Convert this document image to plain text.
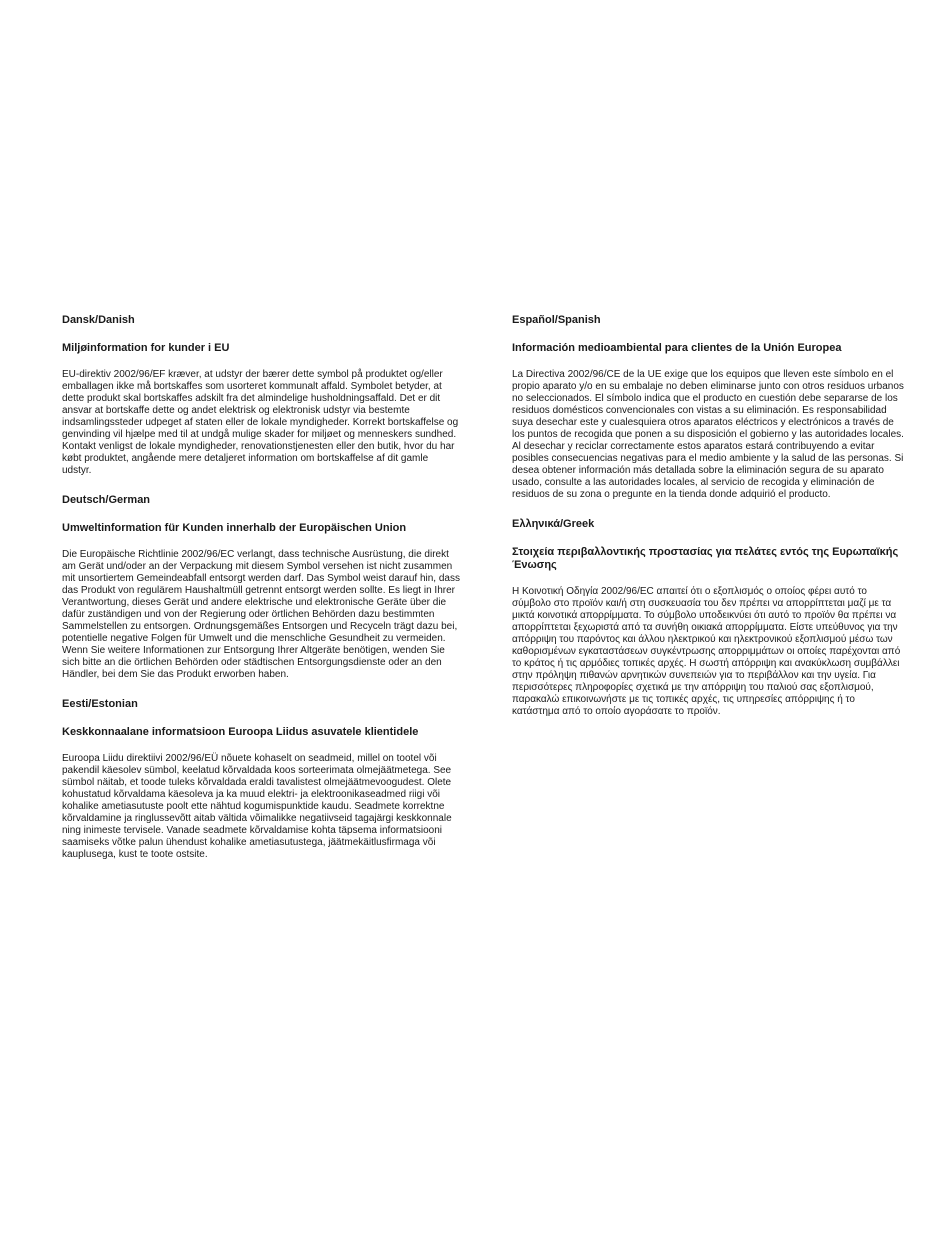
Dansk/Danish

Miljøinformation for kunder i EU

EU-direktiv 2002/96/EF kræver, at udstyr der bærer dette symbol på produktet og/eller emballagen ikke må bortskaffes som usorteret kommunalt affald. Symbolet betyder, at dette produkt skal bortskaffes adskilt fra det almindelige husholdningsaffald. Det er dit ansvar at bortskaffe dette og andet elektrisk og elektronisk udstyr via bestemte indsamlingssteder udpeget af staten eller de lokale myndigheder. Korrekt bortskaffelse og genvinding vil hjælpe med til at undgå mulige skader for miljøet og menneskers sundhed. Kontakt venligst de lokale myndigheder, renovationstjenesten eller den butik, hvor du har købt produktet, angående mere detaljeret information om bortskaffelse af dit gamle udstyr.

Deutsch/German

Umweltinformation für Kunden innerhalb der Europäischen Union

Die Europäische Richtlinie 2002/96/EC verlangt, dass technische Ausrüstung, die direkt am Gerät und/oder an der Verpackung mit diesem Symbol versehen ist nicht zusammen mit unsortiertem Gemeindeabfall entsorgt werden darf. Das Symbol weist darauf hin, dass das Produkt von regulärem Haushaltmüll getrennt entsorgt werden sollte. Es liegt in Ihrer Verantwortung, dieses Gerät und andere elektrische und elektronische Geräte über die dafür zuständigen und von der Regierung oder örtlichen Behörden dazu bestimmten Sammelstellen zu entsorgen. Ordnungsgemäßes Entsorgen und Recyceln trägt dazu bei, potentielle negative Folgen für Umwelt und die menschliche Gesundheit zu vermeiden. Wenn Sie weitere Informationen zur Entsorgung Ihrer Altgeräte benötigen, wenden Sie sich bitte an die örtlichen Behörden oder städtischen Entsorgungsdienste oder an den Händler, bei dem Sie das Produkt erworben haben.

Eesti/Estonian

Keskkonnaalane informatsioon Euroopa Liidus asuvatele klientidele

Euroopa Liidu direktiivi 2002/96/EÜ nõuete kohaselt on seadmeid, millel on tootel või pakendil käesolev sümbol, keelatud kõrvaldada koos sorteerimata olmejäätmetega. See sümbol näitab, et toode tuleks kõrvaldada eraldi tavalistest olmejäätmevoogudest. Olete kohustatud kõrvaldama käesoleva ja ka muud elektri- ja elektroonikaseadmed riigi või kohalike ametiasutuste poolt ette nähtud kogumispunktide kaudu. Seadmete korrektne kõrvaldamine ja ringlussevõtt aitab vältida võimalikke negatiivseid tagajärgi keskkonnale ning inimeste tervisele. Vanade seadmete kõrvaldamise kohta täpsema informatsiooni saamiseks võtke palun ühendust kohalike ametiasutustega, jäätmekäitlusfirmaga või kauplusega, kust te toote ostsite.

Español/Spanish

Información medioambiental para clientes de la Unión Europea

La Directiva 2002/96/CE de la UE exige que los equipos que lleven este símbolo en el propio aparato y/o en su embalaje no deben eliminarse junto con otros residuos urbanos no seleccionados. El símbolo indica que el producto en cuestión debe separarse de los residuos domésticos convencionales con vistas a su eliminación. Es responsabilidad suya desechar este y cualesquiera otros aparatos eléctricos y electrónicos a través de los puntos de recogida que ponen a su disposición el gobierno y las autoridades locales. Al desechar y reciclar correctamente estos aparatos estará contribuyendo a evitar posibles consecuencias negativas para el medio ambiente y la salud de las personas. Si desea obtener información más detallada sobre la eliminación segura de su aparato usado, consulte a las autoridades locales, al servicio de recogida y eliminación de residuos de su zona o pregunte en la tienda donde adquirió el producto.

Ελληνικά/Greek

Στοιχεία περιβαλλοντικής προστασίας για πελάτες εντός της Ευρωπαϊκής Ένωσης

Η Κοινοτική Οδηγία 2002/96/EC απαιτεί ότι ο εξοπλισμός ο οποίος φέρει αυτό το σύμβολο στο προϊόν και/ή στη συσκευασία του δεν πρέπει να απορρίπτεται μαζί με τα μικτά κοινοτικά απορρίμματα. Το σύμβολο υποδεικνύει ότι αυτό το προϊόν θα πρέπει να απορρίπτεται ξεχωριστά από τα συνήθη οικιακά απορρίμματα. Είστε υπεύθυνος για την απόρριψη του παρόντος και άλλου ηλεκτρικού και ηλεκτρονικού εξοπλισμού μέσω των καθορισμένων εγκαταστάσεων συγκέντρωσης απορριμμάτων οι οποίες παρέχονται από το κράτος ή τις αρμόδιες τοπικές αρχές. Η σωστή απόρριψη και ανακύκλωση συμβάλλει στην πρόληψη πιθανών αρνητικών συνεπειών για το περιβάλλον και την υγεία. Για περισσότερες πληροφορίες σχετικά με την απόρριψη του παλιού σας εξοπλισμού, παρακαλώ επικοινωνήστε με τις τοπικές αρχές, τις υπηρεσίες απόρριψης ή το κατάστημα από το οποίο αγοράσατε το προϊόν.
